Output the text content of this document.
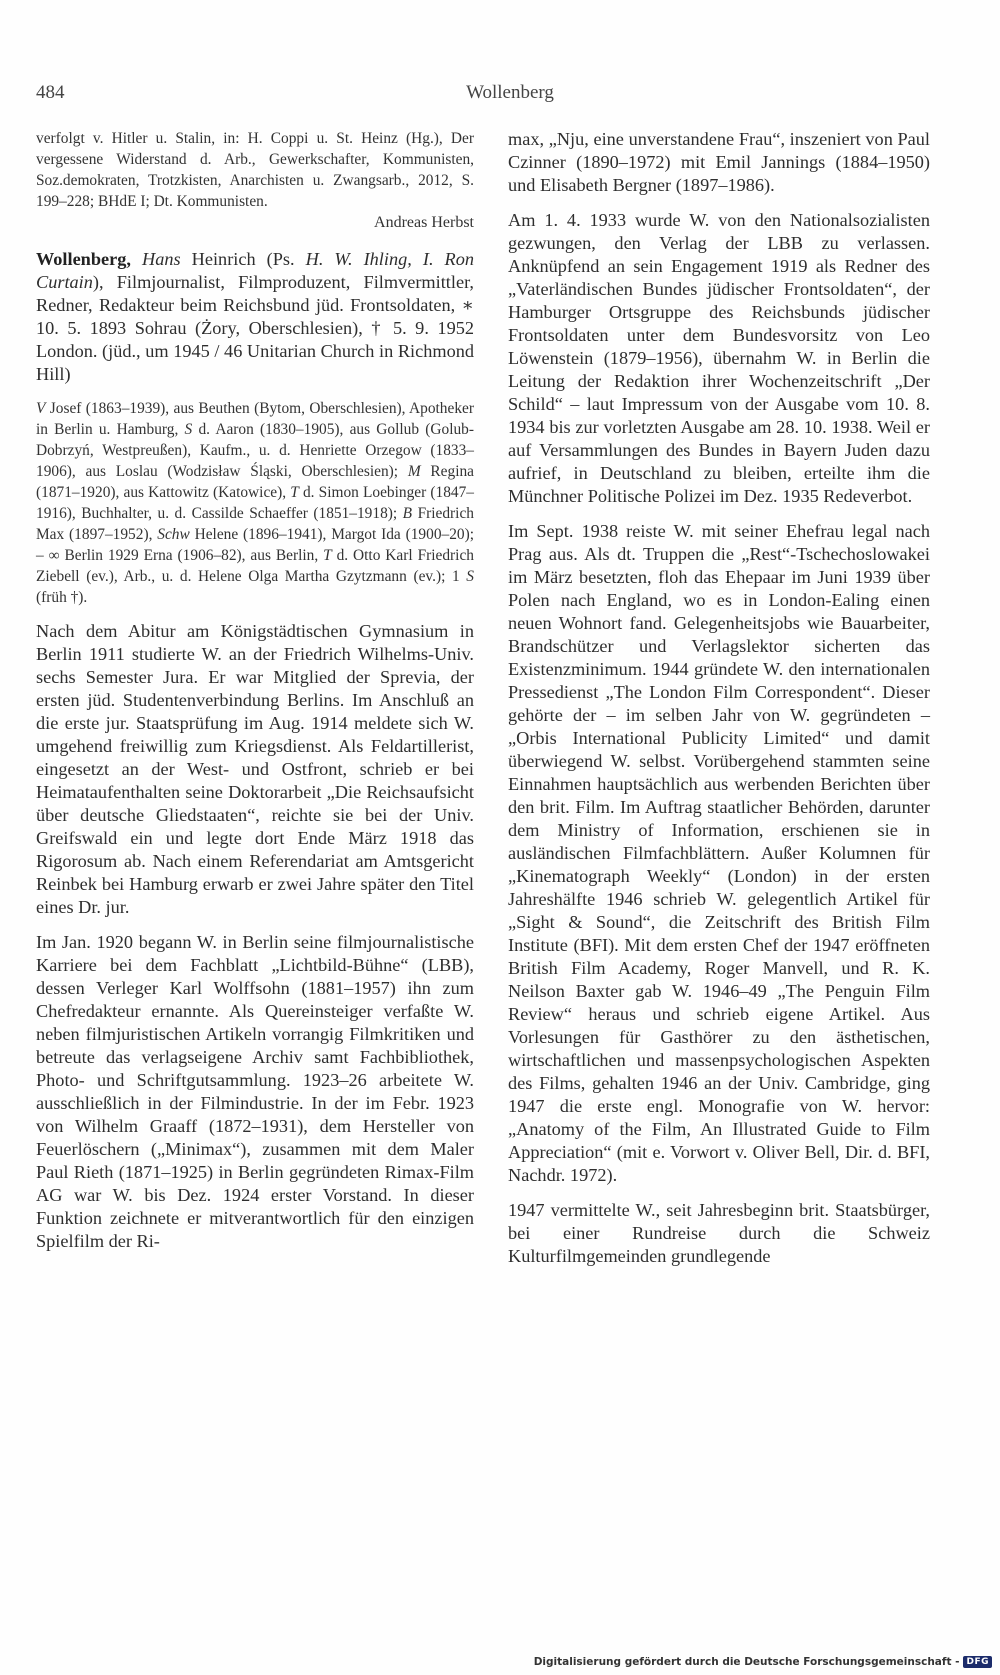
484	Wollenberg

verfolgt v. Hitler u. Stalin, in: H. Coppi u. St. Heinz (Hg.), Der vergessene Widerstand d. Arb., Gewerkschafter, Kommunisten, Soz.demokraten, Trotzkisten, Anarchisten u. Zwangsarb., 2012, S. 199–228; BHdE I; Dt. Kommunisten.

Andreas Herbst

Wollenberg, Hans Heinrich (Ps. H. W. Ihling, I. Ron Curtain), Filmjournalist, Filmproduzent, Filmvermittler, Redner, Redakteur beim Reichsbund jüd. Frontsoldaten, ∗ 10. 5. 1893 Sohrau (Żory, Oberschlesien), † 5. 9. 1952 London. (jüd., um 1945 / 46 Unitarian Church in Richmond Hill)

V Josef (1863–1939), aus Beuthen (Bytom, Oberschlesien), Apotheker in Berlin u. Hamburg, S d. Aaron (1830–1905), aus Gollub (Golub-Dobrzyń, Westpreußen), Kaufm., u. d. Henriette Orzegow (1833–1906), aus Loslau (Wodzisław Śląski, Oberschlesien); M Regina (1871–1920), aus Kattowitz (Katowice), T d. Simon Loebinger (1847–1916), Buchhalter, u. d. Cassilde Schaeffer (1851–1918); B Friedrich Max (1897–1952), Schw Helene (1896–1941), Margot Ida (1900–20); – ∞ Berlin 1929 Erna (1906–82), aus Berlin, T d. Otto Karl Friedrich Ziebell (ev.), Arb., u. d. Helene Olga Martha Gzytzmann (ev.); 1 S (früh †).

Nach dem Abitur am Königstädtischen Gymnasium in Berlin 1911 studierte W. an der Friedrich Wilhelms-Univ. sechs Semester Jura. Er war Mitglied der Sprevia, der ersten jüd. Studentenverbindung Berlins. Im Anschluß an die erste jur. Staatsprüfung im Aug. 1914 meldete sich W. umgehend freiwillig zum Kriegsdienst. Als Feldartillerist, eingesetzt an der West- und Ostfront, schrieb er bei Heimataufenthalten seine Doktorarbeit „Die Reichsaufsicht über deutsche Gliedstaaten“, reichte sie bei der Univ. Greifswald ein und legte dort Ende März 1918 das Rigorosum ab. Nach einem Referendariat am Amtsgericht Reinbek bei Hamburg erwarb er zwei Jahre später den Titel eines Dr. jur.

Im Jan. 1920 begann W. in Berlin seine filmjournalistische Karriere bei dem Fachblatt „Lichtbild-Bühne“ (LBB), dessen Verleger Karl Wolffsohn (1881–1957) ihn zum Chefredakteur ernannte. Als Quereinsteiger verfaßte W. neben filmjuristischen Artikeln vorrangig Filmkritiken und betreute das verlagseigene Archiv samt Fachbibliothek, Photo- und Schriftgutsammlung. 1923–26 arbeitete W. ausschließlich in der Filmindustrie. In der im Febr. 1923 von Wilhelm Graaff (1872–1931), dem Hersteller von Feuerlöschern („Minimax“), zusammen mit dem Maler Paul Rieth (1871–1925) in Berlin gegründeten Rimax-Film AG war W. bis Dez. 1924 erster Vorstand. In dieser Funktion zeichnete er mitverantwortlich für den einzigen Spielfilm der Ri-

max, „Nju, eine unverstandene Frau“, inszeniert von Paul Czinner (1890–1972) mit Emil Jannings (1884–1950) und Elisabeth Bergner (1897–1986).

Am 1. 4. 1933 wurde W. von den Nationalsozialisten gezwungen, den Verlag der LBB zu verlassen. Anknüpfend an sein Engagement 1919 als Redner des „Vaterländischen Bundes jüdischer Frontsoldaten“, der Hamburger Ortsgruppe des Reichsbunds jüdischer Frontsoldaten unter dem Bundesvorsitz von Leo Löwenstein (1879–1956), übernahm W. in Berlin die Leitung der Redaktion ihrer Wochenzeitschrift „Der Schild“ – laut Impressum von der Ausgabe vom 10. 8. 1934 bis zur vorletzten Ausgabe am 28. 10. 1938. Weil er auf Versammlungen des Bundes in Bayern Juden dazu aufrief, in Deutschland zu bleiben, erteilte ihm die Münchner Politische Polizei im Dez. 1935 Redeverbot.

Im Sept. 1938 reiste W. mit seiner Ehefrau legal nach Prag aus. Als dt. Truppen die „Rest“-Tschechoslowakei im März besetzten, floh das Ehepaar im Juni 1939 über Polen nach England, wo es in London-Ealing einen neuen Wohnort fand. Gelegenheitsjobs wie Bauarbeiter, Brandschützer und Verlagslektor sicherten das Existenzminimum. 1944 gründete W. den internationalen Pressedienst „The London Film Correspondent“. Dieser gehörte der – im selben Jahr von W. gegründeten – „Orbis International Publicity Limited“ und damit überwiegend W. selbst. Vorübergehend stammten seine Einnahmen hauptsächlich aus werbenden Berichten über den brit. Film. Im Auftrag staatlicher Behörden, darunter dem Ministry of Information, erschienen sie in ausländischen Filmfachblättern. Außer Kolumnen für „Kinematograph Weekly“ (London) in der ersten Jahreshälfte 1946 schrieb W. gelegentlich Artikel für „Sight & Sound“, die Zeitschrift des British Film Institute (BFI). Mit dem ersten Chef der 1947 eröffneten British Film Academy, Roger Manvell, und R. K. Neilson Baxter gab W. 1946–49 „The Penguin Film Review“ heraus und schrieb eigene Artikel. Aus Vorlesungen für Gasthörer zu den ästhetischen, wirtschaftlichen und massenpsychologischen Aspekten des Films, gehalten 1946 an der Univ. Cambridge, ging 1947 die erste engl. Monografie von W. hervor: „Anatomy of the Film, An Illustrated Guide to Film Appreciation“ (mit e. Vorwort v. Oliver Bell, Dir. d. BFI, Nachdr. 1972).

1947 vermittelte W., seit Jahresbeginn brit. Staatsbürger, bei einer Rundreise durch die Schweiz Kulturfilmgemeinden grundlegende

Digitalisierung gefördert durch die Deutsche Forschungsgemeinschaft - DFG
